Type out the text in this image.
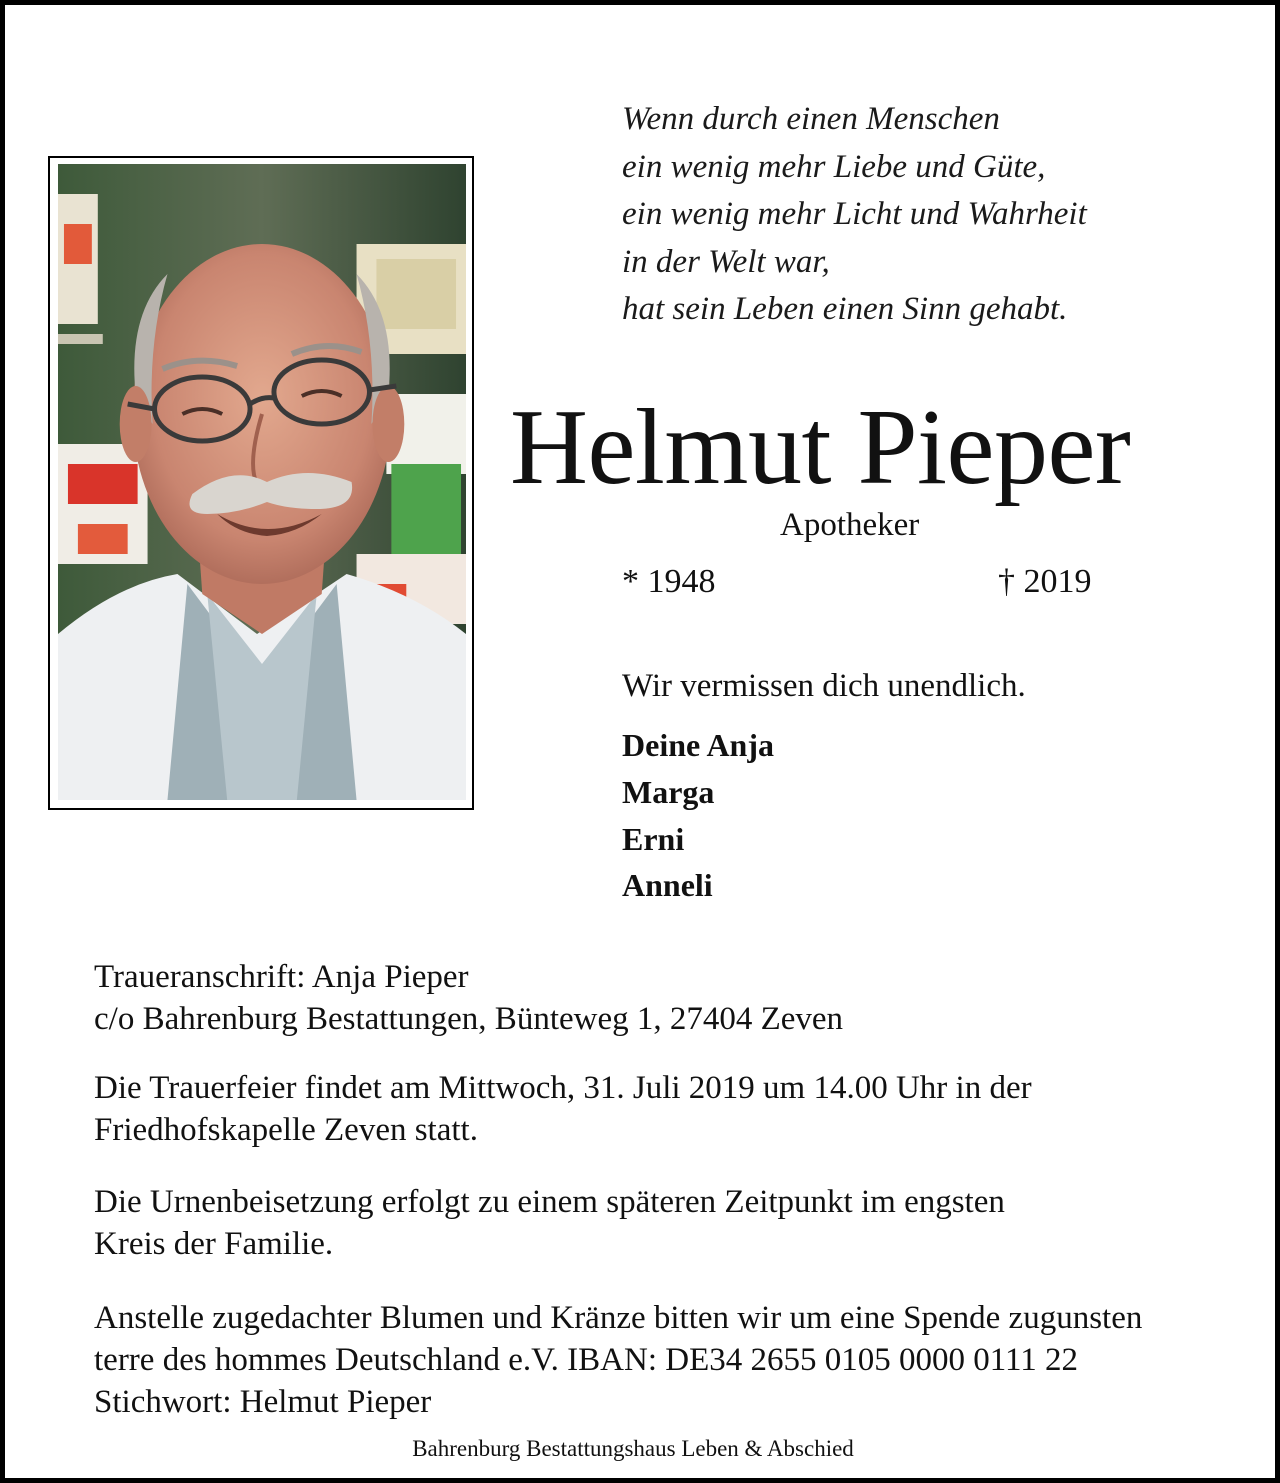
Wenn durch einen Menschen
ein wenig mehr Liebe und Güte,
ein wenig mehr Licht und Wahrheit
in der Welt war,
hat sein Leben einen Sinn gehabt.
Helmut Pieper
Apotheker
* 1948	† 2019
Wir vermissen dich unendlich.
Deine Anja
Marga
Erni
Anneli
Traueranschrift: Anja Pieper
c/o Bahrenburg Bestattungen, Bünteweg 1, 27404 Zeven
Die Trauerfeier findet am Mittwoch, 31. Juli 2019 um 14.00 Uhr in der
Friedhofskapelle Zeven statt.
Die Urnenbeisetzung erfolgt zu einem späteren Zeitpunkt im engsten
Kreis der Familie.
Anstelle zugedachter Blumen und Kränze bitten wir um eine Spende zugunsten
terre des hommes Deutschland e.V. IBAN: DE34 2655 0105 0000 0111 22
Stichwort: Helmut Pieper
Bahrenburg Bestattungshaus Leben & Abschied
